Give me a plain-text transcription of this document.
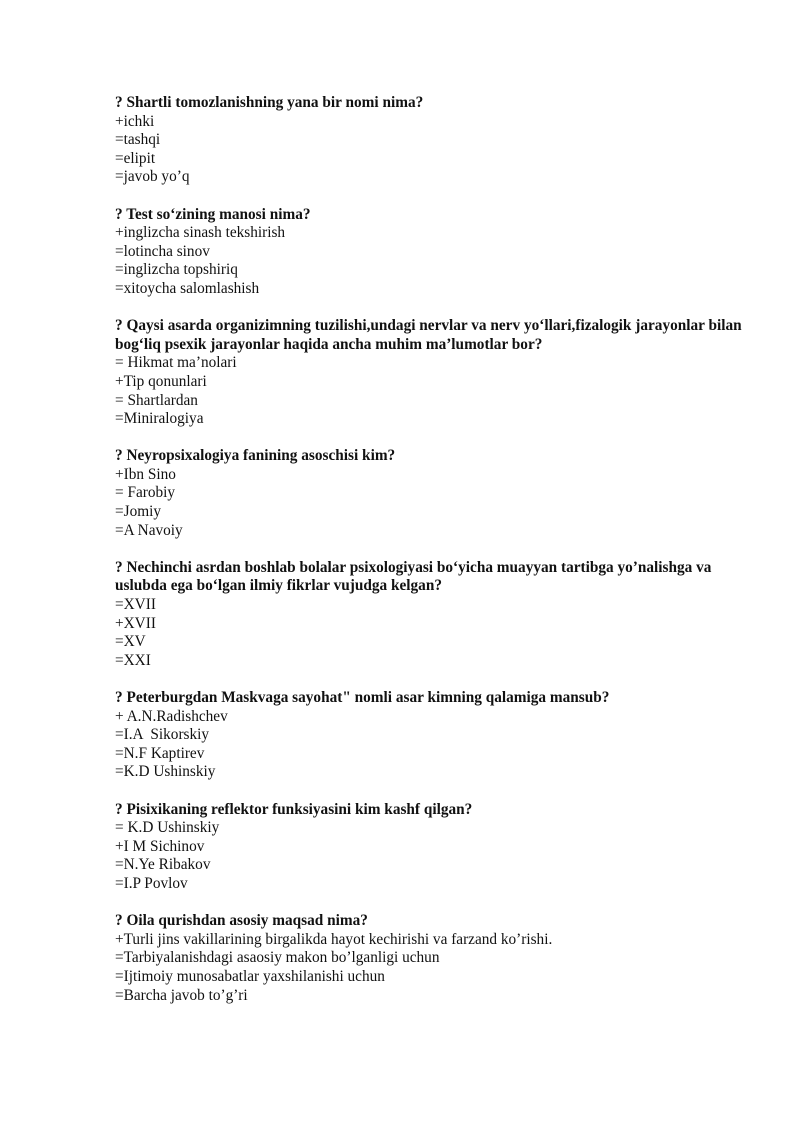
? Shartli tomozlanishning yana bir nomi nima?

+ichki

=tashqi

=elipit

=javob yo’q

? Test so‘zining manosi nima?

+inglizcha sinash tekshirish

=lotincha sinov

=inglizcha topshiriq

=xitoycha salomlashish

? Qaysi asarda organizimning tuzilishi,undagi nervlar va nerv yo‘llari,fizalogik jarayonlar bilan bog‘liq psexik jarayonlar haqida ancha muhim ma’lumotlar bor?

= Hikmat ma’nolari

+Tip qonunlari

= Shartlardan

=Miniralogiya

? Neyropsixalogiya fanining asoschisi kim?

+Ibn Sino

= Farobiy

=Jomiy

=A Navoiy

? Nechinchi asrdan boshlab bolalar psixologiyasi bo‘yicha muayyan tartibga yo’nalishga va uslubda ega bo‘lgan ilmiy fikrlar vujudga kelgan?

=XVII

+XVII

=XV

=XXI

? Peterburgdan Maskvaga sayohat" nomli asar kimning qalamiga mansub?

+ A.N.Radishchev

=I.A  Sikorskiy

=N.F Kaptirev

=K.D Ushinskiy

? Pisixikaning reflektor funksiyasini kim kashf qilgan?

= K.D Ushinskiy

+I M Sichinov

=N.Ye Ribakov

=I.P Povlov

? Oila qurishdan asosiy maqsad nima?

+Turli jins vakillarining birgalikda hayot kechirishi va farzand ko’rishi.

=Tarbiyalanishdagi asaosiy makon bo’lganligi uchun

=Ijtimoiy munosabatlar yaxshilanishi uchun

=Barcha javob to’g’ri
